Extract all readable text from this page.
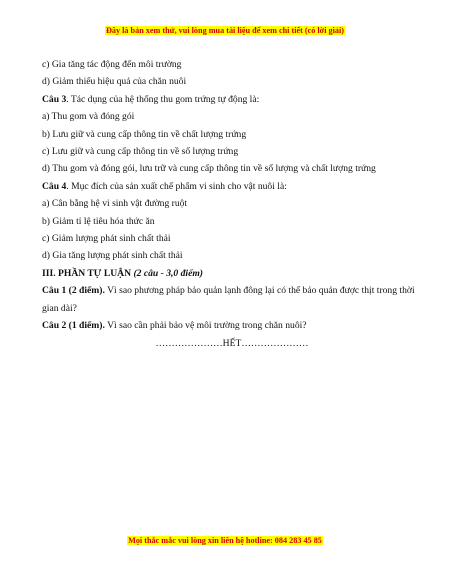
Đây là bản xem thử, vui lòng mua tài liệu để xem chi tiết (có lời giải)
c) Gia tăng tác động đến môi trường
d) Giảm thiểu hiệu quả của chăn nuôi
Câu 3. Tác dụng của hệ thống thu gom trứng tự động là:
a) Thu gom và đóng gói
b) Lưu giữ và cung cấp thông tin về chất lượng trứng
c) Lưu giữ và cung cấp thông tin về số lượng trứng
d) Thu gom và đóng gói, lưu trữ và cung cấp thông tin về số lượng và chất lượng trứng
Câu 4. Mục đích của sản xuất chế phẩm vi sinh cho vật nuôi là:
a) Cân bằng hệ vi sinh vật đường ruột
b) Giảm tỉ lệ tiêu hóa thức ăn
c) Giảm lượng phát sinh chất thải
d) Gia tăng lượng phát sinh chất thải
III. PHẦN TỰ LUẬN (2 câu - 3,0 điểm)
Câu 1 (2 điểm). Vì sao phương pháp bảo quản lạnh đông lại có thể bảo quản được thịt trong thời gian dài?
Câu 2 (1 điểm). Vì sao cần phải bảo vệ môi trường trong chăn nuôi?
…………………HẾT…………………
Mọi thắc mắc vui lòng xin liên hệ hotline: 084 283 45 85
